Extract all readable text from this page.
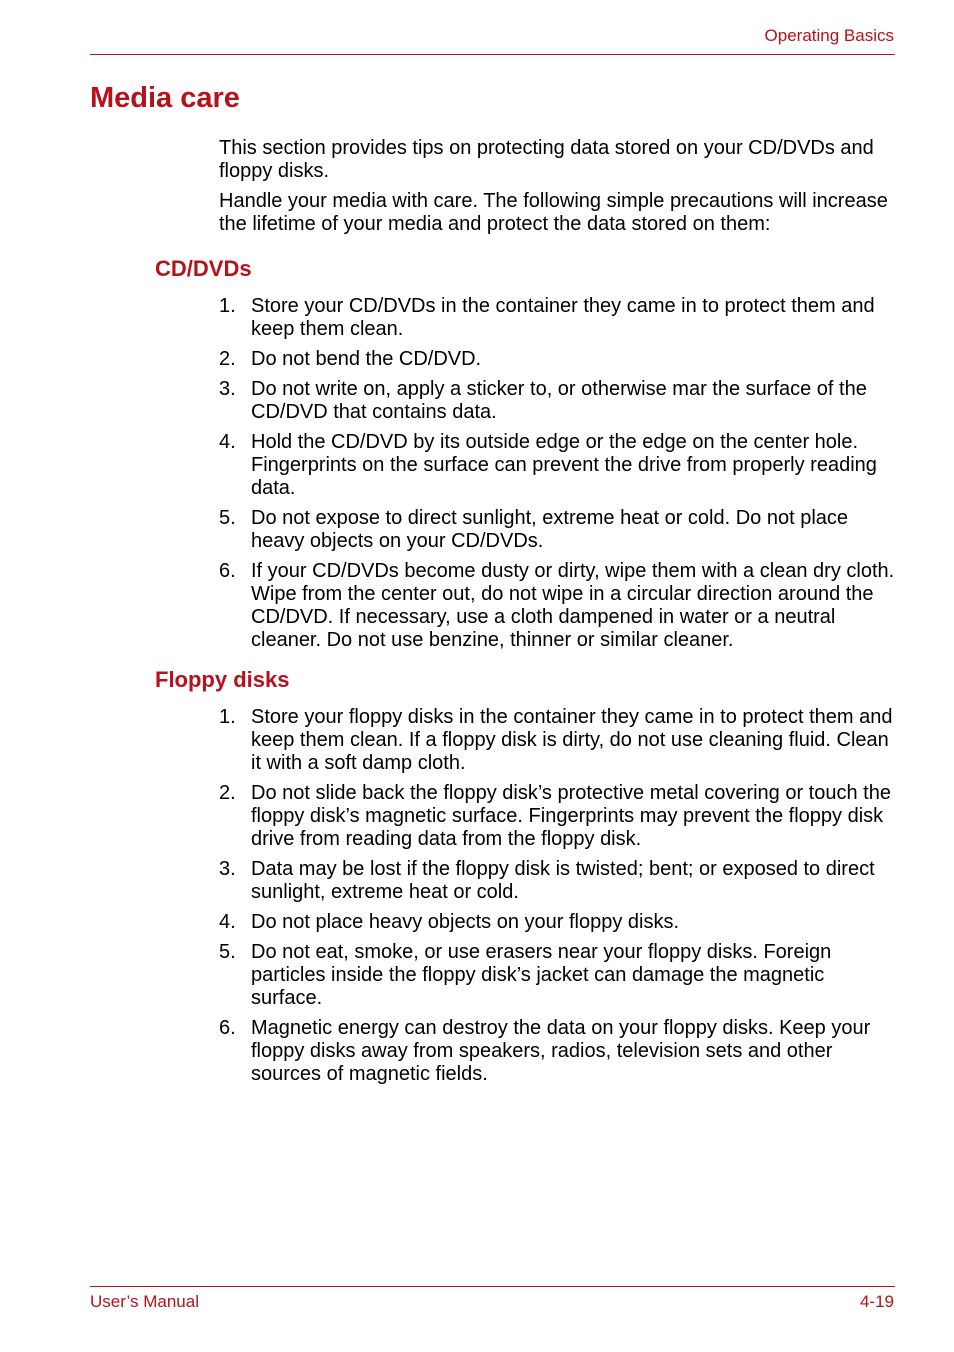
Operating Basics
Media care

This section provides tips on protecting data stored on your CD/DVDs and floppy disks.

Handle your media with care. The following simple precautions will increase the lifetime of your media and protect the data stored on them:

CD/DVDs
1. Store your CD/DVDs in the container they came in to protect them and keep them clean.
2. Do not bend the CD/DVD.
3. Do not write on, apply a sticker to, or otherwise mar the surface of the CD/DVD that contains data.
4. Hold the CD/DVD by its outside edge or the edge on the center hole. Fingerprints on the surface can prevent the drive from properly reading data.
5. Do not expose to direct sunlight, extreme heat or cold. Do not place heavy objects on your CD/DVDs.
6. If your CD/DVDs become dusty or dirty, wipe them with a clean dry cloth. Wipe from the center out, do not wipe in a circular direction around the CD/DVD. If necessary, use a cloth dampened in water or a neutral cleaner. Do not use benzine, thinner or similar cleaner.
Floppy disks
1. Store your floppy disks in the container they came in to protect them and keep them clean. If a floppy disk is dirty, do not use cleaning fluid. Clean it with a soft damp cloth.
2. Do not slide back the floppy disk’s protective metal covering or touch the floppy disk’s magnetic surface. Fingerprints may prevent the floppy disk drive from reading data from the floppy disk.
3. Data may be lost if the floppy disk is twisted; bent; or exposed to direct sunlight, extreme heat or cold.
4. Do not place heavy objects on your floppy disks.
5. Do not eat, smoke, or use erasers near your floppy disks. Foreign particles inside the floppy disk’s jacket can damage the magnetic surface.
6. Magnetic energy can destroy the data on your floppy disks. Keep your floppy disks away from speakers, radios, television sets and other sources of magnetic fields.
User’s Manual	4-19
